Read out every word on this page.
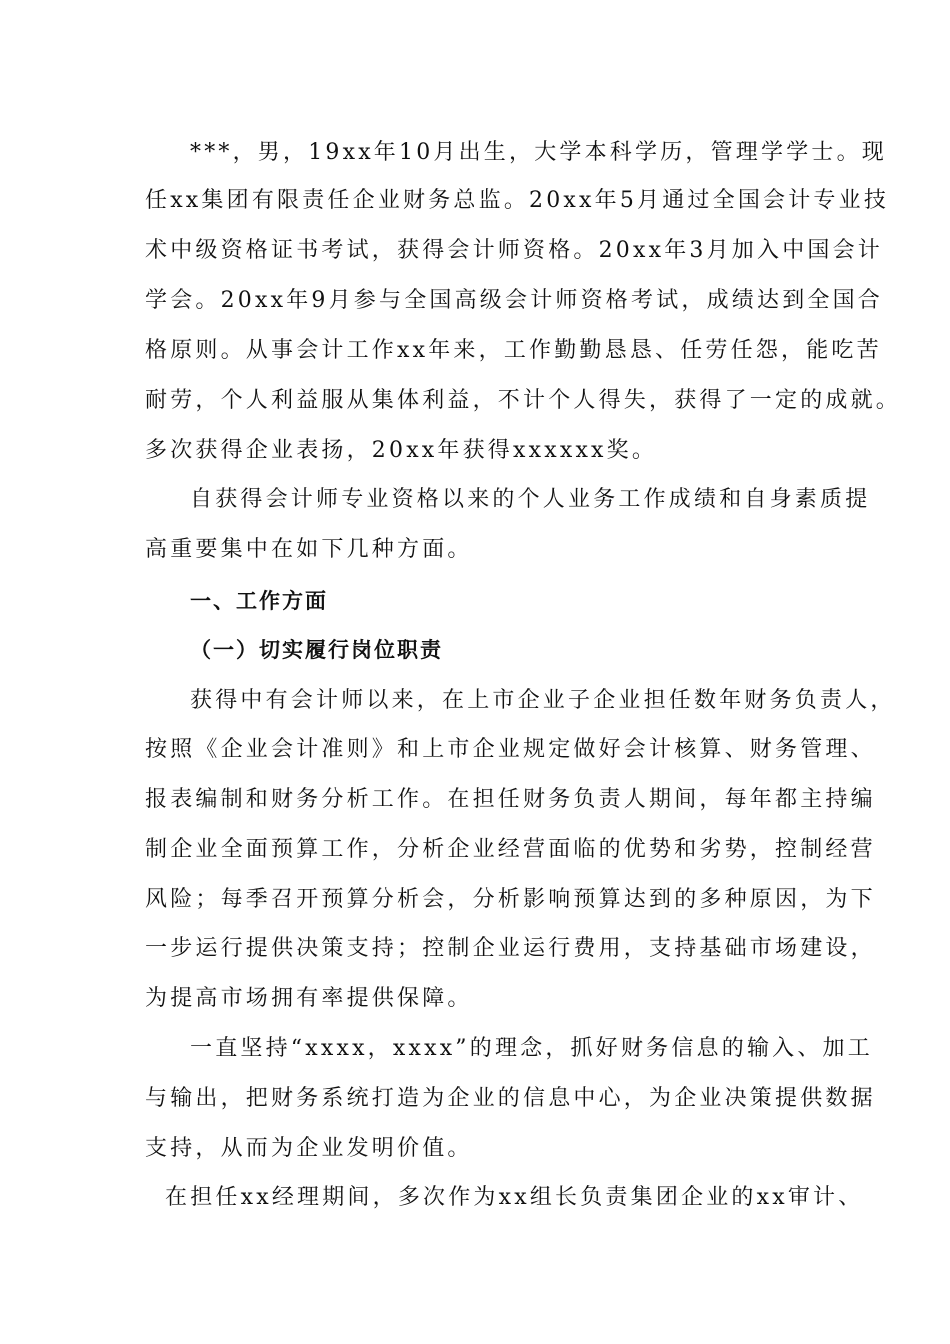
***，男，19xx年10月出生，大学本科学历，管理学学士。现
任xx集团有限责任企业财务总监。20xx年5月通过全国会计专业技
术中级资格证书考试，获得会计师资格。20xx年3月加入中国会计
学会。20xx年9月参与全国高级会计师资格考试，成绩达到全国合
格原则。从事会计工作xx年来，工作勤勤恳恳、任劳任怨，能吃苦
耐劳，个人利益服从集体利益，不计个人得失，获得了一定的成就。
多次获得企业表扬，20xx年获得xxxxxx奖。
自获得会计师专业资格以来的个人业务工作成绩和自身素质提
高重要集中在如下几种方面。
一、工作方面
（一）切实履行岗位职责
获得中有会计师以来，在上市企业子企业担任数年财务负责人，
按照《企业会计准则》和上市企业规定做好会计核算、财务管理、
报表编制和财务分析工作。在担任财务负责人期间，每年都主持编
制企业全面预算工作，分析企业经营面临的优势和劣势，控制经营
风险；每季召开预算分析会，分析影响预算达到的多种原因，为下
一步运行提供决策支持；控制企业运行费用，支持基础市场建设，
为提高市场拥有率提供保障。
一直坚持“xxxx，xxxx”的理念，抓好财务信息的输入、加工
与输出，把财务系统打造为企业的信息中心，为企业决策提供数据
支持，从而为企业发明价值。
在担任xx经理期间，多次作为xx组长负责集团企业的xx审计、
